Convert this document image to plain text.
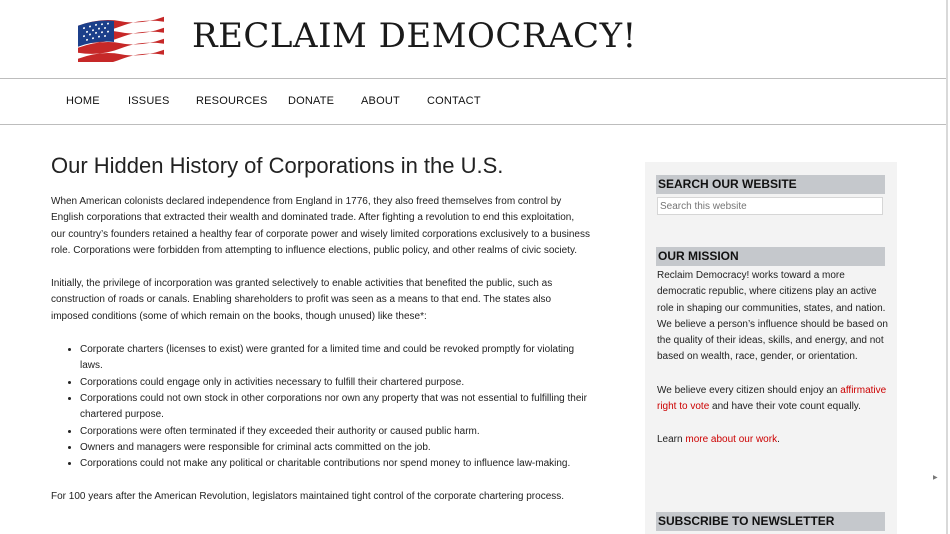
RECLAIM DEMOCRACY!
HOME	ISSUES RESOURCES DONATE ABOUT CONTACT
Our Hidden History of Corporations in the U.S.

When American colonists declared independence from England in 1776, they also freed themselves from control by English corporations that extracted their wealth and dominated trade. After fighting a revolution to end this exploitation, our country’s founders retained a healthy fear of corporate power and wisely limited corporations exclusively to a business role. Corporations were forbidden from attempting to influence elections, public policy, and other realms of civic society.

Initially, the privilege of incorporation was granted selectively to enable activities that benefited the public, such as construction of roads or canals. Enabling shareholders to profit was seen as a means to that end. The states also imposed conditions (some of which remain on the books, though unused) like these*:

• Corporate charters (licenses to exist) were granted for a limited time and could be revoked promptly for violating laws.
• Corporations could engage only in activities necessary to fulfill their chartered purpose.
• Corporations could not own stock in other corporations nor own any property that was not essential to fulfilling their chartered purpose.
• Corporations were often terminated if they exceeded their authority or caused public harm.
• Owners and managers were responsible for criminal acts committed on the job.
• Corporations could not make any political or charitable contributions nor spend money to influence law-making.

For 100 years after the American Revolution, legislators maintained tight control of the corporate chartering process.

SEARCH OUR WEBSITE
Search this website
OUR MISSION

Reclaim Democracy! works toward a more democratic republic, where citizens play an active role in shaping our communities, states, and nation. We believe a person’s influence should be based on the quality of their ideas, skills, and energy, and not based on wealth, race, gender, or orientation.

We believe every citizen should enjoy an affirmative right to vote and have their vote count equally.

Learn more about our work.

SUBSCRIBE TO NEWSLETTER
▶
